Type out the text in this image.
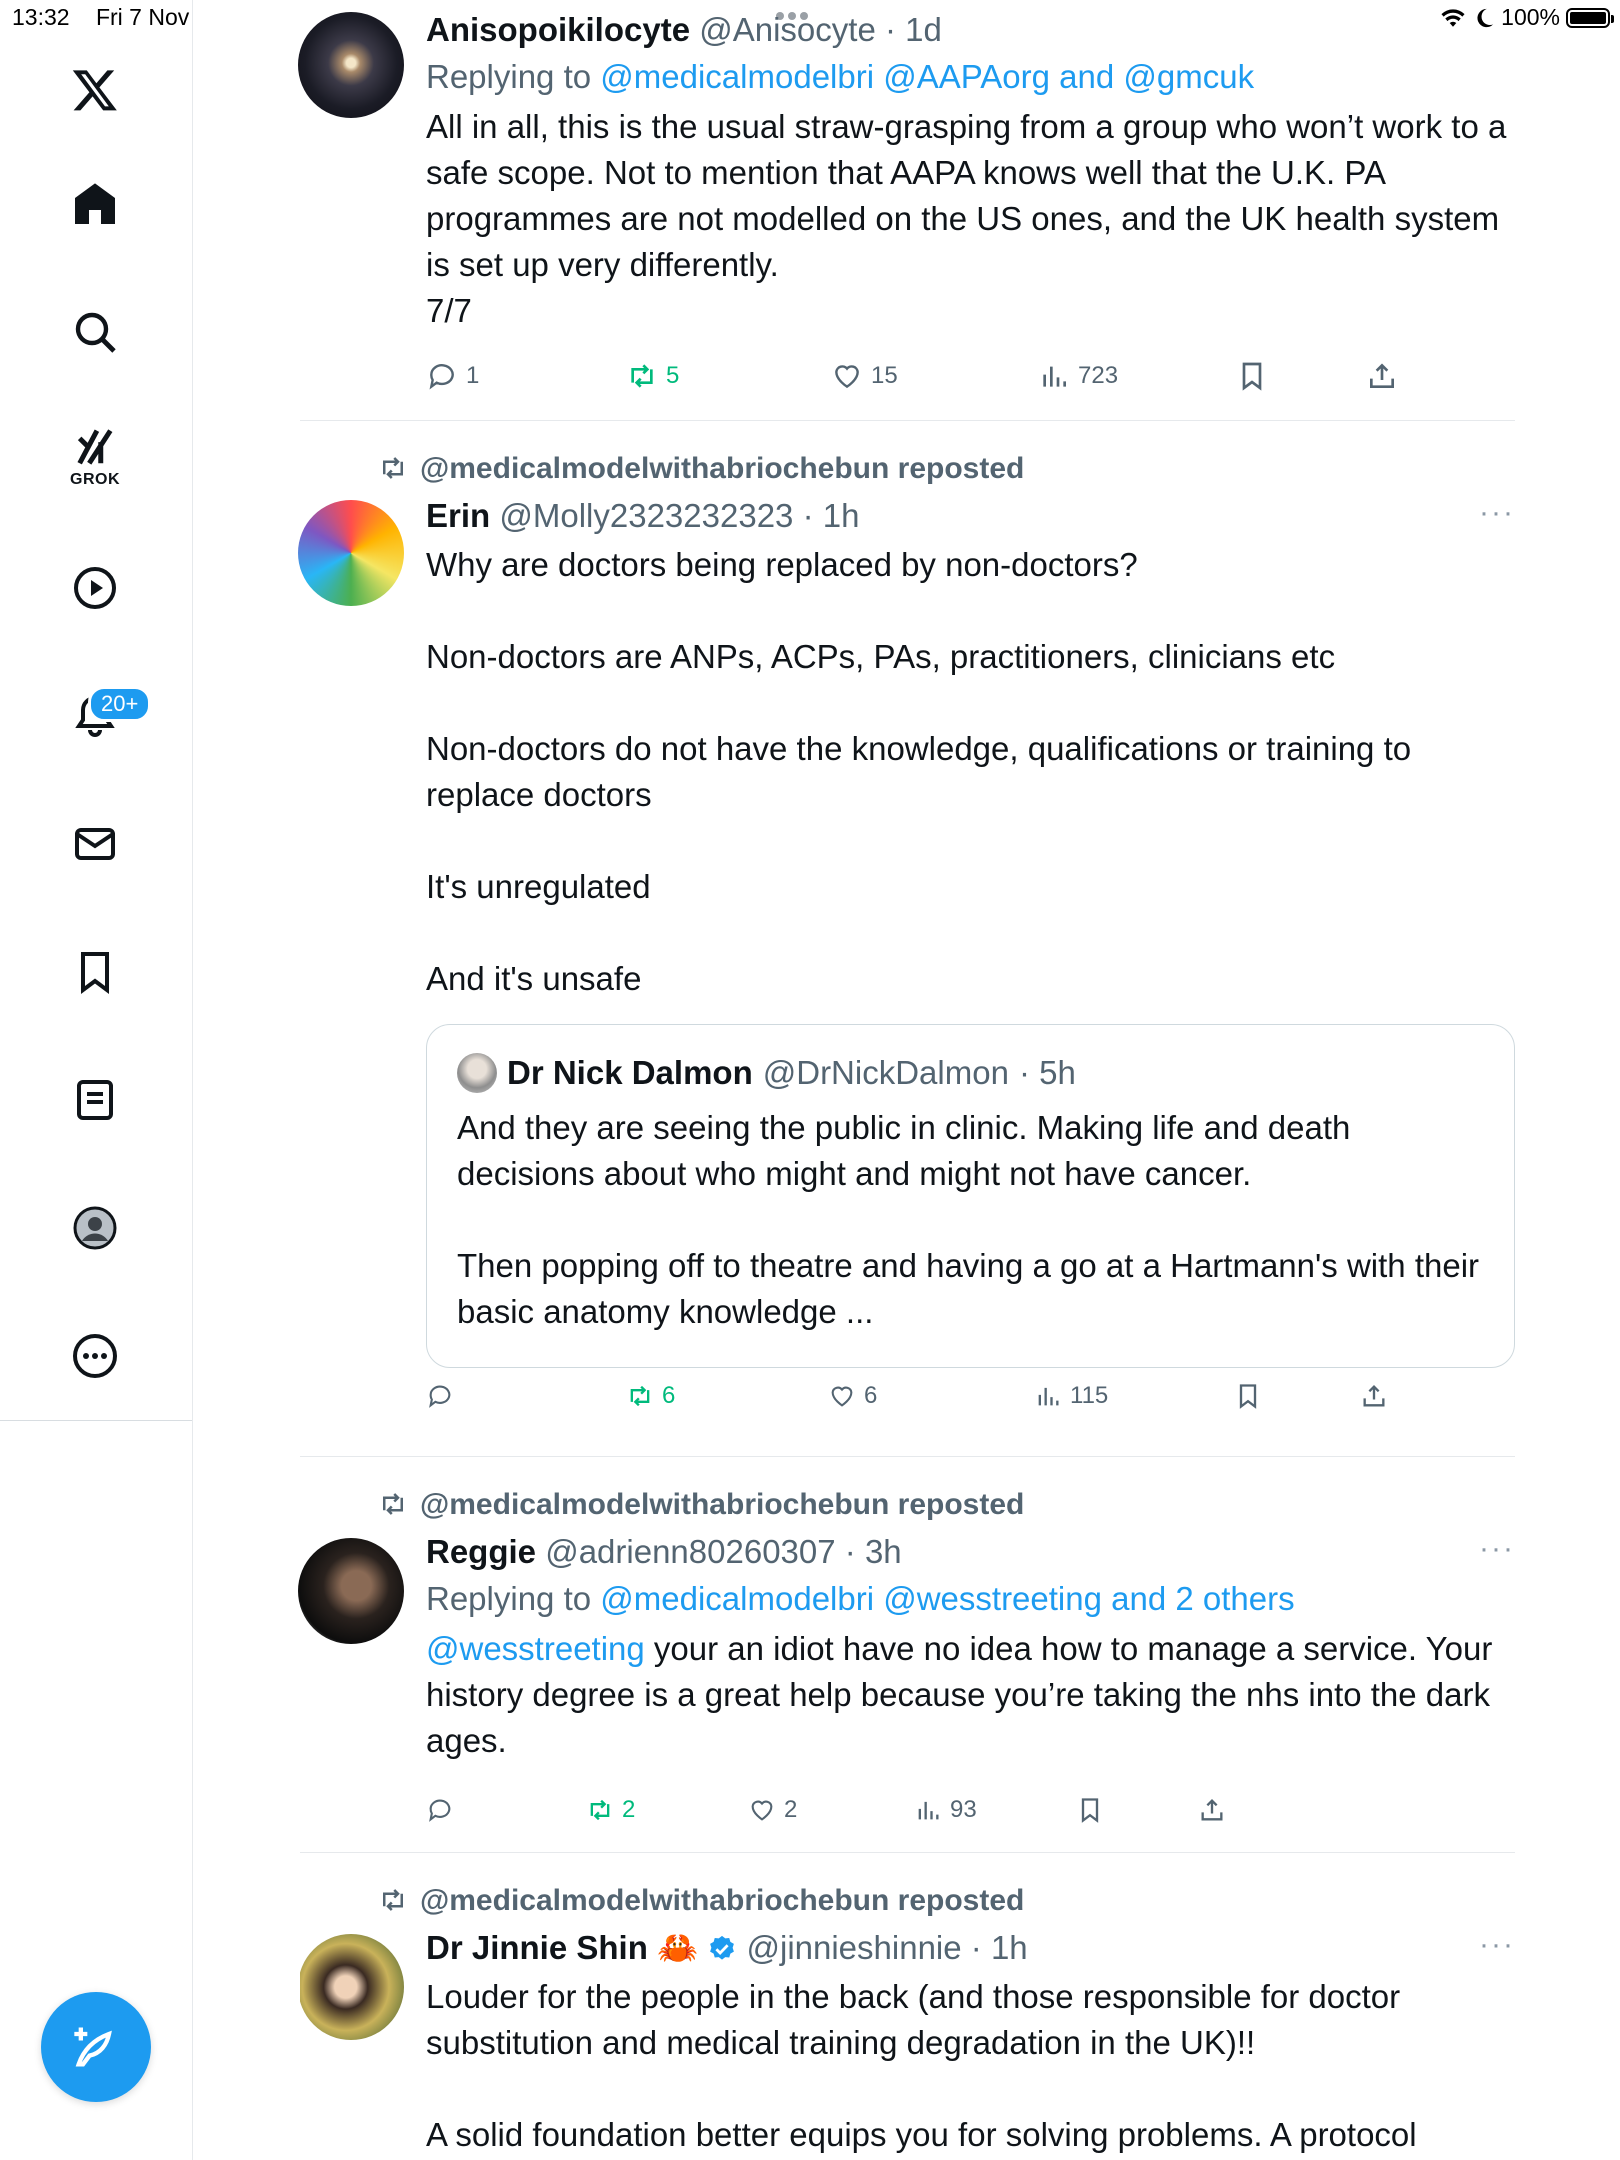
13:32 Fri 7 Nov	100%
GROK
20+
Anisopoikilocyte @Anisocyte · 1d
Replying to @medicalmodelbri @AAPAorg and @gmcuk
All in all, this is the usual straw-grasping from a group who won’t work to a safe scope. Not to mention that AAPA knows well that the U.K. PA programmes are not modelled on the US ones, and the UK health system is set up very differently.
7/7
1	5	15	723
@medicalmodelwithabriochebun reposted
···
Erin @Molly2323232323 · 1h
Why are doctors being replaced by non-doctors?

Non-doctors are ANPs, ACPs, PAs, practitioners, clinicians etc

Non-doctors do not have the knowledge, qualifications or training to replace doctors

It's unregulated

And it's unsafe
Dr Nick Dalmon @DrNickDalmon · 5h
And they are seeing the public in clinic. Making life and death decisions about who might and might not have cancer.

Then popping off to theatre and having a go at a Hartmann's with their basic anatomy knowledge ...
6	6	115
@medicalmodelwithabriochebun reposted
···
Reggie @adrienn80260307 · 3h
Replying to @medicalmodelbri @wesstreeting and 2 others
@wesstreeting your an idiot have no idea how to manage a service. Your history degree is a great help because you’re taking the nhs into the dark ages.
2	2	93
@medicalmodelwithabriochebun reposted
···
Dr Jinnie Shin 🦀 @jinnieshinnie · 1h
Louder for the people in the back (and those responsible for doctor substitution and medical training degradation in the UK)!!

A solid foundation better equips you for solving problems. A protocol
